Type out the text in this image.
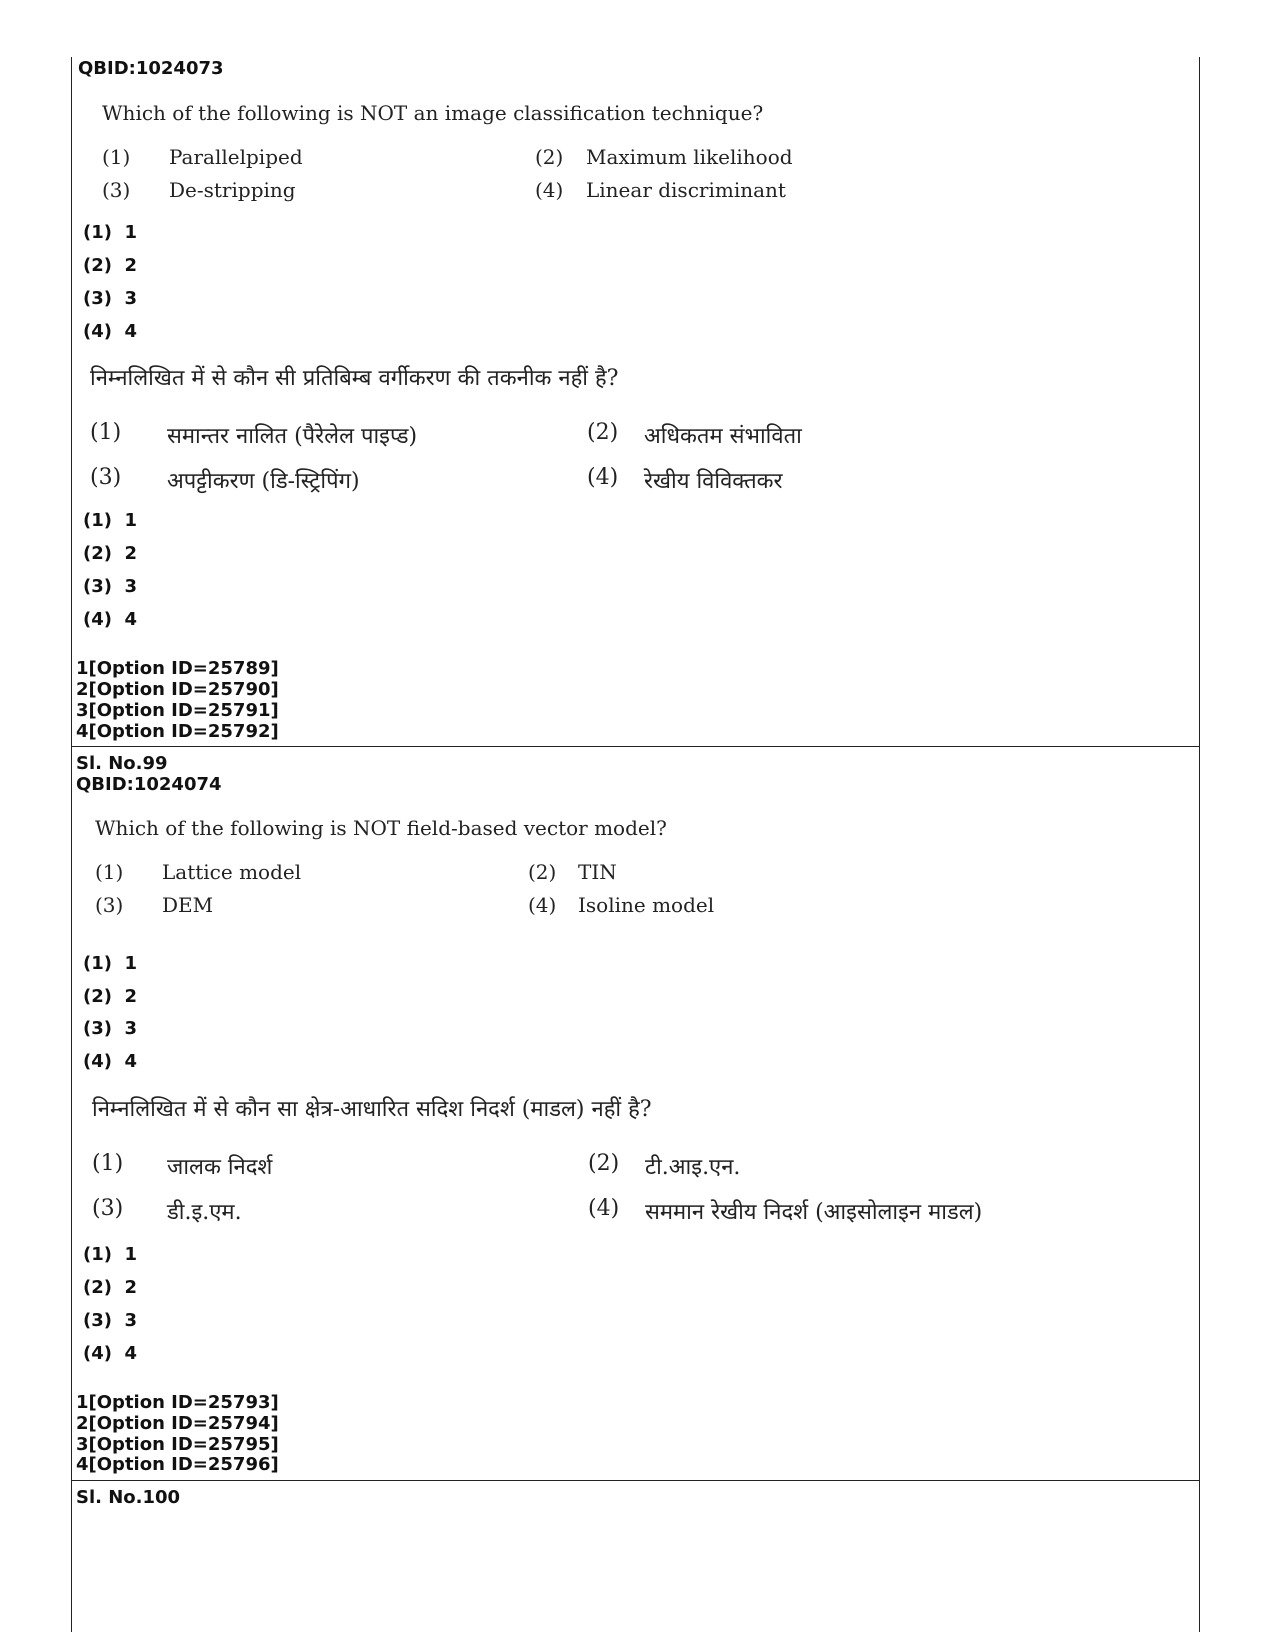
QBID:1024073
Which of the following is NOT an image classification technique?
(1) Parallelpiped	(2) Maximum likelihood
(3) De-stripping	(4) Linear discriminant
(1) 1
(2) 2
(3) 3
(4) 4
निम्नलिखित में से कौन सी प्रतिबिम्ब वर्गीकरण की तकनीक नहीं है?
(1) समान्तर नालित (पैरेलेल पाइप्ड)	(2) अधिकतम संभाविता
(3) अपट्टीकरण (डि-स्ट्रिपिंग)	(4) रेखीय विविक्तकर
(1) 1
(2) 2
(3) 3
(4) 4
1[Option ID=25789]
2[Option ID=25790]
3[Option ID=25791]
4[Option ID=25792]
Sl. No.99
QBID:1024074
Which of the following is NOT field-based vector model?
(1) Lattice model	(2) TIN
(3) DEM	(4) Isoline model
(1) 1
(2) 2
(3) 3
(4) 4
निम्नलिखित में से कौन सा क्षेत्र-आधारित सदिश निदर्श (माडल) नहीं है?
(1) जालक निदर्श	(2) टी.आइ.एन.
(3) डी.इ.एम.	(4) सममान रेखीय निदर्श (आइसोलाइन माडल)
(1) 1
(2) 2
(3) 3
(4) 4
1[Option ID=25793]
2[Option ID=25794]
3[Option ID=25795]
4[Option ID=25796]
Sl. No.100
